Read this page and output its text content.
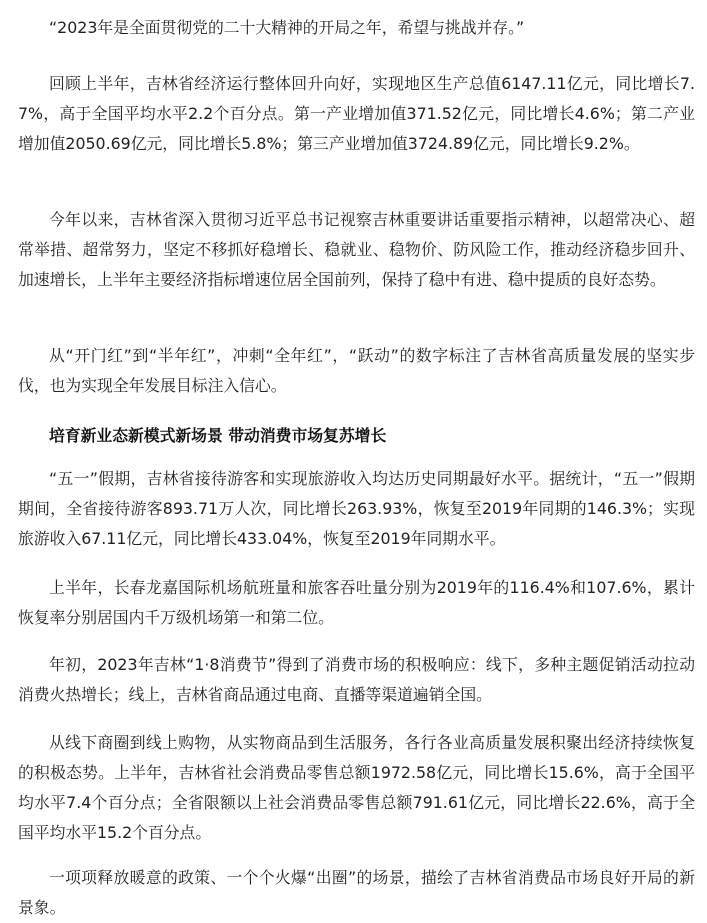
“2023年是全面贯彻党的二十大精神的开局之年，希望与挑战并存。”

回顾上半年，吉林省经济运行整体回升向好，实现地区生产总值6147.11亿元，同比增长7.7%，高于全国平均水平2.2个百分点。第一产业增加值371.52亿元，同比增长4.6%；第二产业增加值2050.69亿元，同比增长5.8%；第三产业增加值3724.89亿元，同比增长9.2%。

今年以来，吉林省深入贯彻习近平总书记视察吉林重要讲话重要指示精神，以超常决心、超常举措、超常努力，坚定不移抓好稳增长、稳就业、稳物价、防风险工作，推动经济稳步回升、加速增长，上半年主要经济指标增速位居全国前列，保持了稳中有进、稳中提质的良好态势。

从“开门红”到“半年红”，冲刺“全年红”，“跃动”的数字标注了吉林省高质量发展的坚实步伐，也为实现全年发展目标注入信心。

培育新业态新模式新场景 带动消费市场复苏增长

“五一”假期，吉林省接待游客和实现旅游收入均达历史同期最好水平。据统计，“五一”假期期间，全省接待游客893.71万人次，同比增长263.93%，恢复至2019年同期的146.3%；实现旅游收入67.11亿元，同比增长433.04%，恢复至2019年同期水平。

上半年，长春龙嘉国际机场航班量和旅客吞吐量分别为2019年的116.4%和107.6%，累计恢复率分别居国内千万级机场第一和第二位。

年初，2023年吉林“1·8消费节”得到了消费市场的积极响应：线下，多种主题促销活动拉动消费火热增长；线上，吉林省商品通过电商、直播等渠道遍销全国。

从线下商圈到线上购物，从实物商品到生活服务，各行各业高质量发展积聚出经济持续恢复的积极态势。上半年，吉林省社会消费品零售总额1972.58亿元，同比增长15.6%，高于全国平均水平7.4个百分点；全省限额以上社会消费品零售总额791.61亿元，同比增长22.6%，高于全国平均水平15.2个百分点。

一项项释放暖意的政策、一个个火爆“出圈”的场景，描绘了吉林省消费品市场良好开局的新景象。
